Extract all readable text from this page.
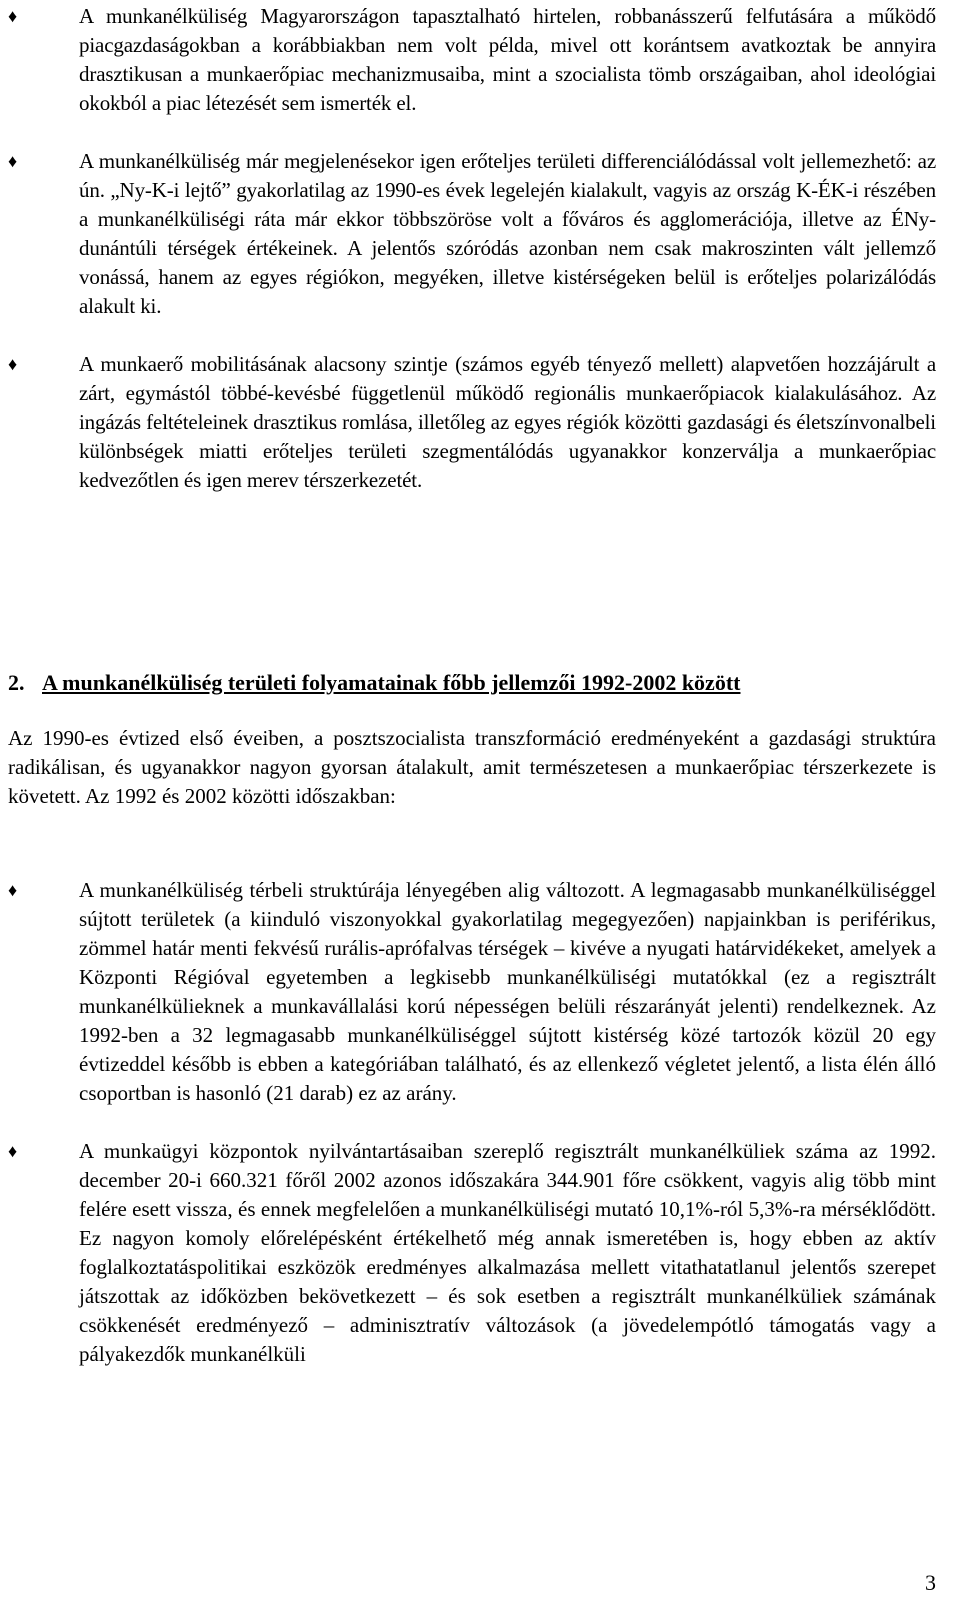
♦	A munkanélküliség Magyarországon tapasztalható hirtelen, robbanásszerű felfutására a működő piacgazdaságokban a korábbiakban nem volt példa, mivel ott korántsem avatkoztak be annyira drasztikusan a munkaerőpiac mechanizmusaiba, mint a szocialista tömb országaiban, ahol ideológiai okokból a piac létezését sem ismerték el.
♦	A munkanélküliség már megjelenésekor igen erőteljes területi differenciálódással volt jellemezhető: az ún. „Ny-K-i lejtő” gyakorlatilag az 1990-es évek legelején kialakult, vagyis az ország K-ÉK-i részében a munkanélküliségi ráta már ekkor többszöröse volt a főváros és agglomerációja, illetve az ÉNy-dunántúli térségek értékeinek. A jelentős szóródás azonban nem csak makroszinten vált jellemző vonássá, hanem az egyes régiókon, megyéken, illetve kistérségeken belül is erőteljes polarizálódás alakult ki.
♦	A munkaerő mobilitásának alacsony szintje (számos egyéb tényező mellett) alapvetően hozzájárult a zárt, egymástól többé-kevésbé függetlenül működő regionális munkaerőpiacok kialakulásához. Az ingázás feltételeinek drasztikus romlása, illetőleg az egyes régiók közötti gazdasági és életszínvonalbeli különbségek miatti erőteljes területi szegmentálódás ugyanakkor konzerválja a munkaerőpiac kedvezőtlen és igen merev térszerkezetét.
2. A munkanélküliség területi folyamatainak főbb jellemzői 1992-2002 között
Az 1990-es évtized első éveiben, a posztszocialista transzformáció eredményeként a gazdasági struktúra radikálisan, és ugyanakkor nagyon gyorsan átalakult, amit természetesen a munkaerőpiac térszerkezete is követett. Az 1992 és 2002 közötti időszakban:
♦	A munkanélküliség térbeli struktúrája lényegében alig változott. A legmagasabb munkanélküliséggel sújtott területek (a kiinduló viszonyokkal gyakorlatilag megegyezően) napjainkban is periférikus, zömmel határ menti fekvésű rurális-aprófalvas térségek – kivéve a nyugati határvidékeket, amelyek a Központi Régióval egyetemben a legkisebb munkanélküliségi mutatókkal (ez a regisztrált munkanélkülieknek a munkavállalási korú népességen belüli részarányát jelenti) rendelkeznek. Az 1992-ben a 32 legmagasabb munkanélküliséggel sújtott kistérség közé tartozók közül 20 egy évtizeddel később is ebben a kategóriában található, és az ellenkező végletet jelentő, a lista élén álló csoportban is hasonló (21 darab) ez az arány.
♦	A munkaügyi központok nyilvántartásaiban szereplő regisztrált munkanélküliek száma az 1992. december 20-i 660.321 főről 2002 azonos időszakára 344.901 főre csökkent, vagyis alig több mint felére esett vissza, és ennek megfelelően a munkanélküliségi mutató 10,1%-ról 5,3%-ra mérséklődött. Ez nagyon komoly előrelépésként értékelhető még annak ismeretében is, hogy ebben az aktív foglalkoztatáspolitikai eszközök eredményes alkalmazása mellett vitathatatlanul jelentős szerepet játszottak az időközben bekövetkezett – és sok esetben a regisztrált munkanélküliek számának csökkenését eredményező – adminisztratív változások (a jövedelempótló támogatás vagy a pályakezdők munkanélküli
3
